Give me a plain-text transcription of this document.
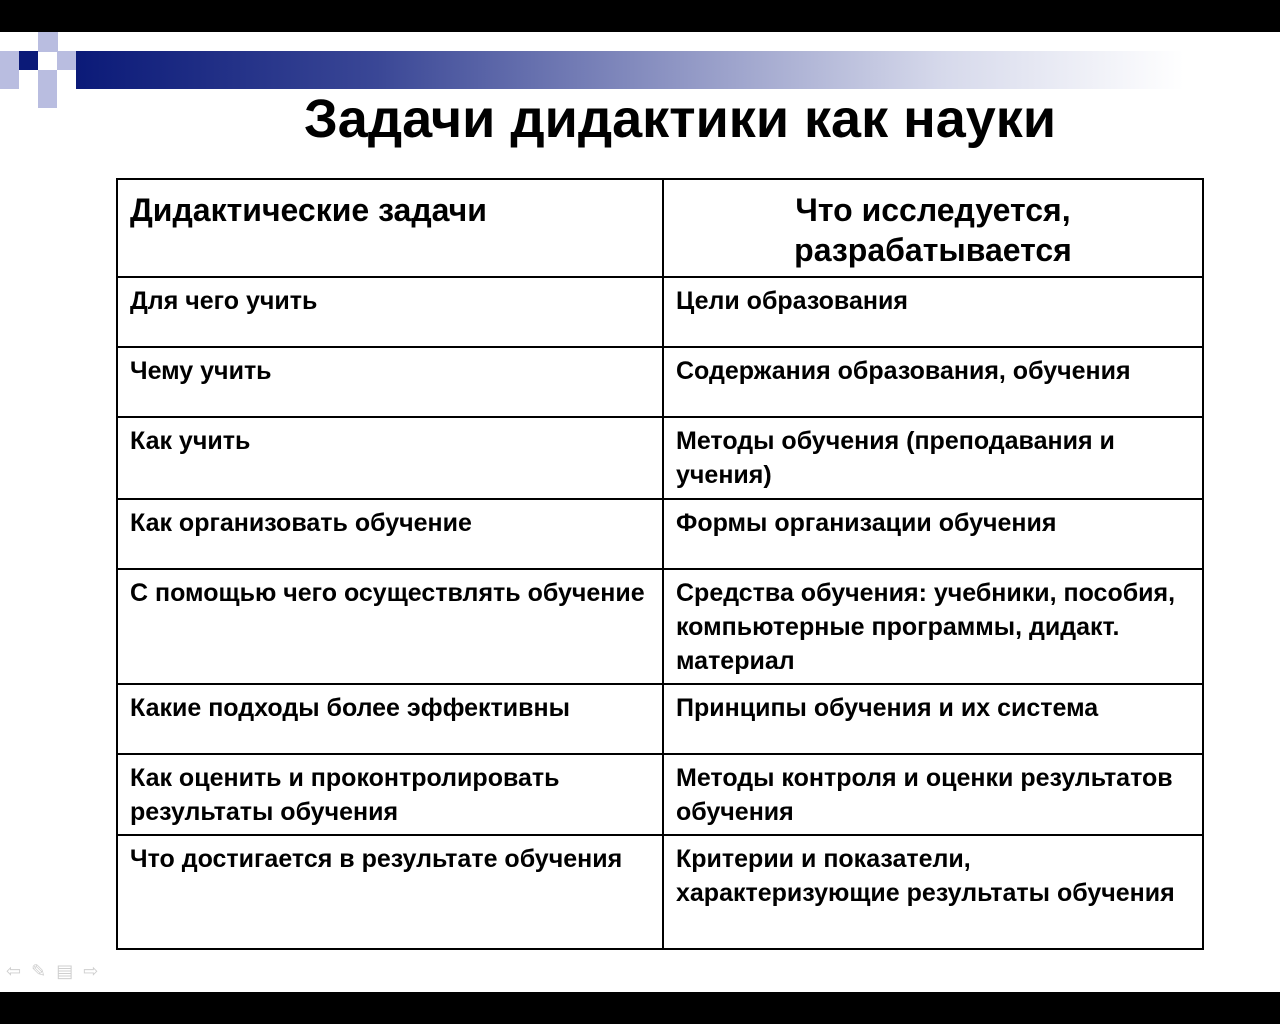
Задачи дидактики как науки
Дидактические задачи	Что исследуется, разрабатывается
Для чего учить	Цели образования
Чему учить	Содержания образования, обучения
Как учить	Методы обучения (преподавания и учения)
Как организовать обучение	Формы организации обучения
С помощью чего осуществлять обучение	Средства обучения: учебники, пособия, компьютерные программы, дидакт. материал
Какие подходы более эффективны	Принципы обучения и их система
Как оценить и проконтролировать результаты обучения	Методы контроля и оценки результатов обучения
Что достигается в результате обучения	Критерии и показатели, характеризующие результаты обучения
⇦ ✎ ▤ ⇨
